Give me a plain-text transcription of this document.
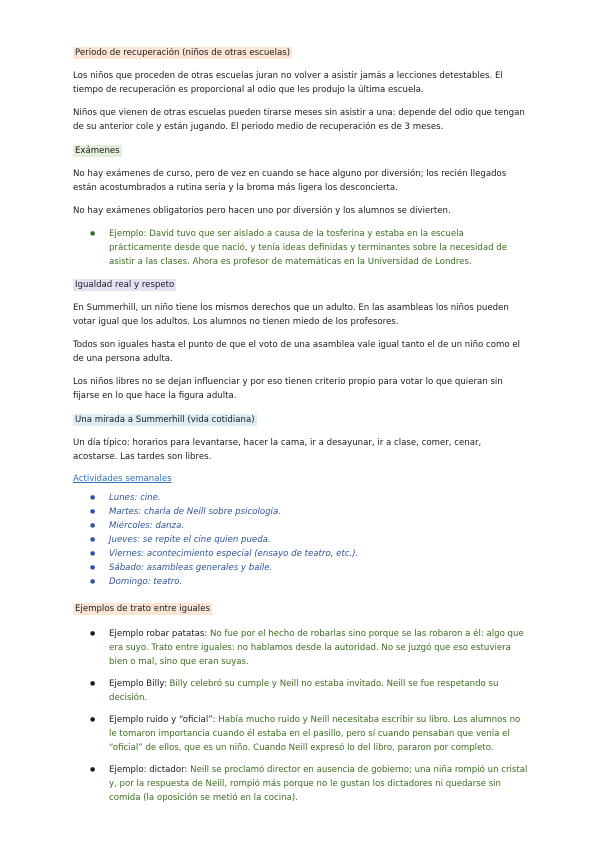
Periodo de recuperación (niños de otras escuelas)

Los niños que proceden de otras escuelas juran no volver a asistir jamás a lecciones detestables. El tiempo de recuperación es proporcional al odio que les produjo la última escuela.

Niños que vienen de otras escuelas pueden tirarse meses sin asistir a una: depende del odio que tengan de su anterior cole y están jugando. El periodo medio de recuperación es de 3 meses.

Exámenes

No hay exámenes de curso, pero de vez en cuando se hace alguno por diversión; los recién llegados están acostumbrados a rutina seria y la broma más ligera los desconcierta.

No hay exámenes obligatorios pero hacen uno por diversión y los alumnos se divierten.

● Ejemplo: David tuvo que ser aislado a causa de la tosferina y estaba en la escuela prácticamente desde que nació, y tenía ideas definidas y terminantes sobre la necesidad de asistir a las clases. Ahora es profesor de matemáticas en la Universidad de Londres.
Igualdad real y respeto

En Summerhill, un niño tiene los mismos derechos que un adulto. En las asambleas los niños pueden votar igual que los adultos. Los alumnos no tienen miedo de los profesores.

Todos son iguales hasta el punto de que el voto de una asamblea vale igual tanto el de un niño como el de una persona adulta.

Los niños libres no se dejan influenciar y por eso tienen criterio propio para votar lo que quieran sin fijarse en lo que hace la figura adulta.

Una mirada a Summerhill (vida cotidiana)

Un día típico: horarios para levantarse, hacer la cama, ir a desayunar, ir a clase, comer, cenar, acostarse. Las tardes son libres.

Actividades semanales
● Lunes: cine.
● Martes: charla de Neill sobre psicología.
● Miércoles: danza.
● Jueves: se repite el cine quien pueda.
● Viernes: acontecimiento especial (ensayo de teatro, etc.).
● Sábado: asambleas generales y baile.
● Domingo: teatro.
Ejemplos de trato entre iguales
● Ejemplo robar patatas: No fue por el hecho de robarlas sino porque se las robaron a él: algo que era suyo. Trato entre iguales: no hablamos desde la autoridad. No se juzgó que eso estuviera bien o mal, sino que eran suyas.
● Ejemplo Billy: Billy celebró su cumple y Neill no estaba invitado. Neill se fue respetando su decisión.
● Ejemplo ruido y “oficial”: Había mucho ruido y Neill necesitaba escribir su libro. Los alumnos no le tomaron importancia cuando él estaba en el pasillo, pero sí cuando pensaban que venía el “oficial” de ellos, que es un niño. Cuando Neill expresó lo del libro, pararon por completo.
● Ejemplo: dictador: Neill se proclamó director en ausencia de gobierno; una niña rompió un cristal y, por la respuesta de Neill, rompió más porque no le gustan los dictadores ni quedarse sin comida (la oposición se metió en la cocina).
